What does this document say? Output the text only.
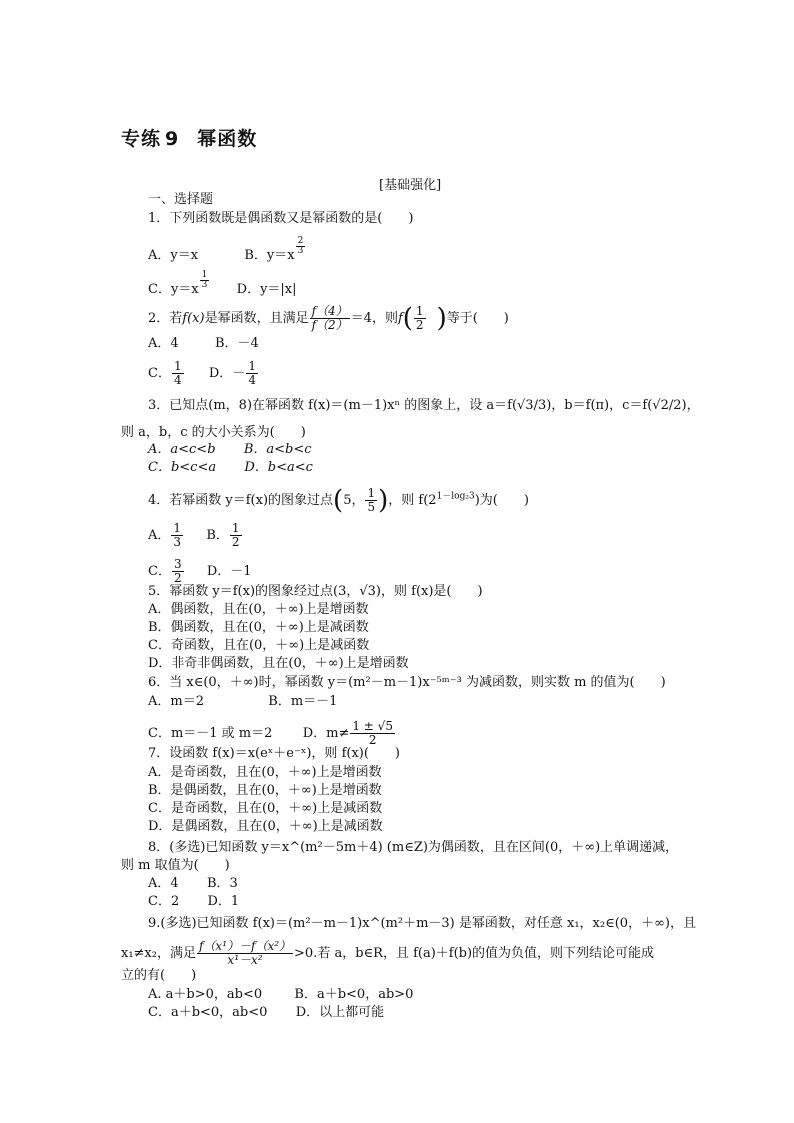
专练 9 幂函数
[基础强化]
一、选择题
1．下列函数既是偶函数又是幂函数的是(　　)
A．y＝x	B．$y=x \frac{2}{3}$
C．$y=x \frac{1}{3}$ D．y＝|x|
2．若f(x)是幂函数，且满足 $\frac{f(4)}{f(2)} =4$，则$f( \frac{1}{2}$ )等于(　　)
A．4	B．－4
C． $\frac{1}{4}$ D．－ $\frac{1}{4}$
3．已知点(m，8)在幂函数 f(x)＝(m－1)xⁿ 的图象上，设 a＝f(√3/3)，b＝f(π)，c＝f(√2/2)，
则 a，b，c 的大小关系为(　　)
A．a<c<b B．a<b<c
C．b<c<a D．b<a<c
4．若幂函数 y＝f(x)的图象过点(5， $\frac{1}{5}$ )，则 $f(2^{1-log_23})$为(　　)
A． $\frac{1}{3}$ B． $\frac{1}{2}$
C． $\frac{3}{2}$ D．－1
5．幂函数 y＝f(x)的图象经过点(3，√3)，则 f(x)是(　　)
A．偶函数，且在(0，＋∞)上是增函数
B．偶函数，且在(0，＋∞)上是减函数
C．奇函数，且在(0，＋∞)上是减函数
D．非奇非偶函数，且在(0，＋∞)上是增函数
6．当 x∈(0，＋∞)时，幂函数 y＝(m²－m－1)x⁻⁵ᵐ⁻³ 为减函数，则实数 m 的值为(　　)
A．m＝2	B．m＝－1
C．m＝－1 或 m＝2 D．$m\ne \frac{1 \pm √5}{2}$
7．设函数 f(x)＝x(eˣ＋e⁻ˣ)，则 f(x)(　　)
A．是奇函数，且在(0，＋∞)上是增函数
B．是偶函数，且在(0，＋∞)上是增函数
C．是奇函数，且在(0，＋∞)上是减函数
D．是偶函数，且在(0，＋∞)上是减函数
8．(多选)已知函数 y＝x^(m²－5m＋4) (m∈Z)为偶函数，且在区间(0，＋∞)上单调递减，
则 m 取值为(　　)
A．4 B．3
C．2 D．1
9.(多选)已知函数 f(x)＝(m²－m－1)x^(m²＋m－3) 是幂函数，对任意 x₁，x₂∈(0，＋∞)，且
x₁≠x₂，满足 $\frac{\text{f（x¹）－f（x²）}}{\text{x¹－x²}} >0$.若 a，b∈R，且 f(a)＋f(b)的值为负值，则下列结论可能成
立的有(　　)
A. a＋b>0，ab<0 B．a＋b<0，ab>0
C．a＋b<0，ab<0 D．以上都可能
